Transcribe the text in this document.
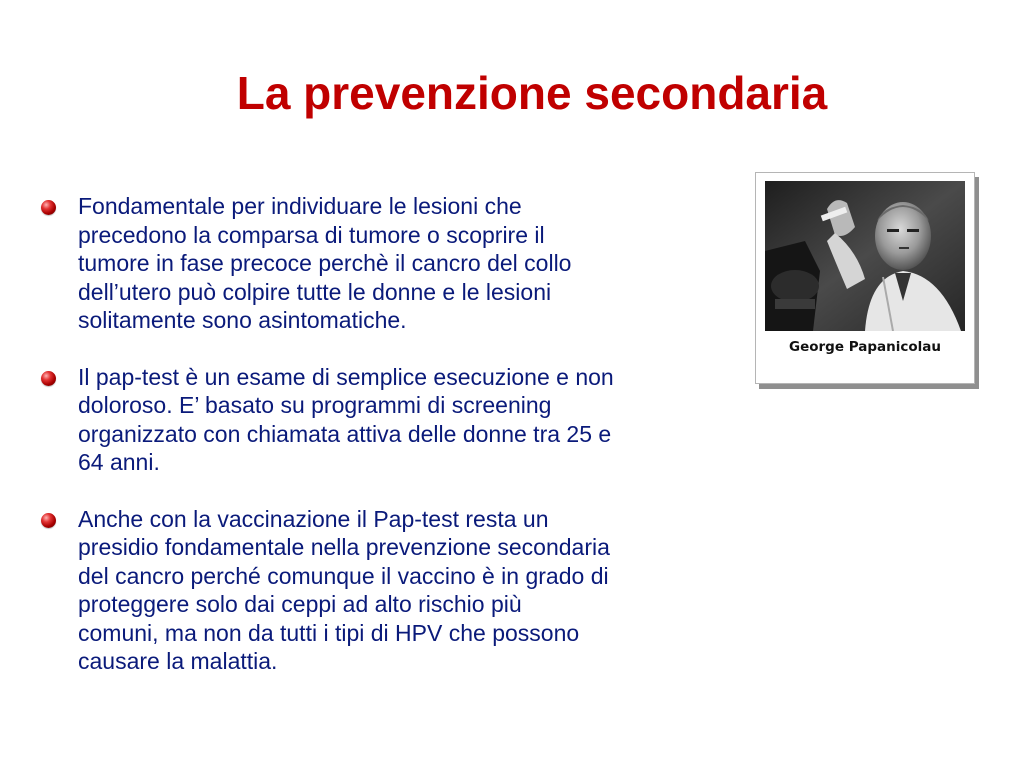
La prevenzione secondaria

Fondamentale per individuare le lesioni che
precedono la comparsa di tumore o scoprire il
tumore in fase precoce perchè il cancro del collo
dell’utero può colpire tutte le donne e le lesioni
solitamente sono asintomatiche.

Il pap-test è un esame di semplice esecuzione e non
doloroso. E’ basato su programmi di screening
organizzato con chiamata attiva delle donne tra 25 e
64 anni.

Anche con la vaccinazione il Pap-test resta un
presidio fondamentale nella prevenzione secondaria
del cancro perché comunque il vaccino è in grado di
proteggere solo dai ceppi ad alto rischio più
comuni, ma non da tutti i tipi di HPV che possono
causare la malattia.

George Papanicolau
